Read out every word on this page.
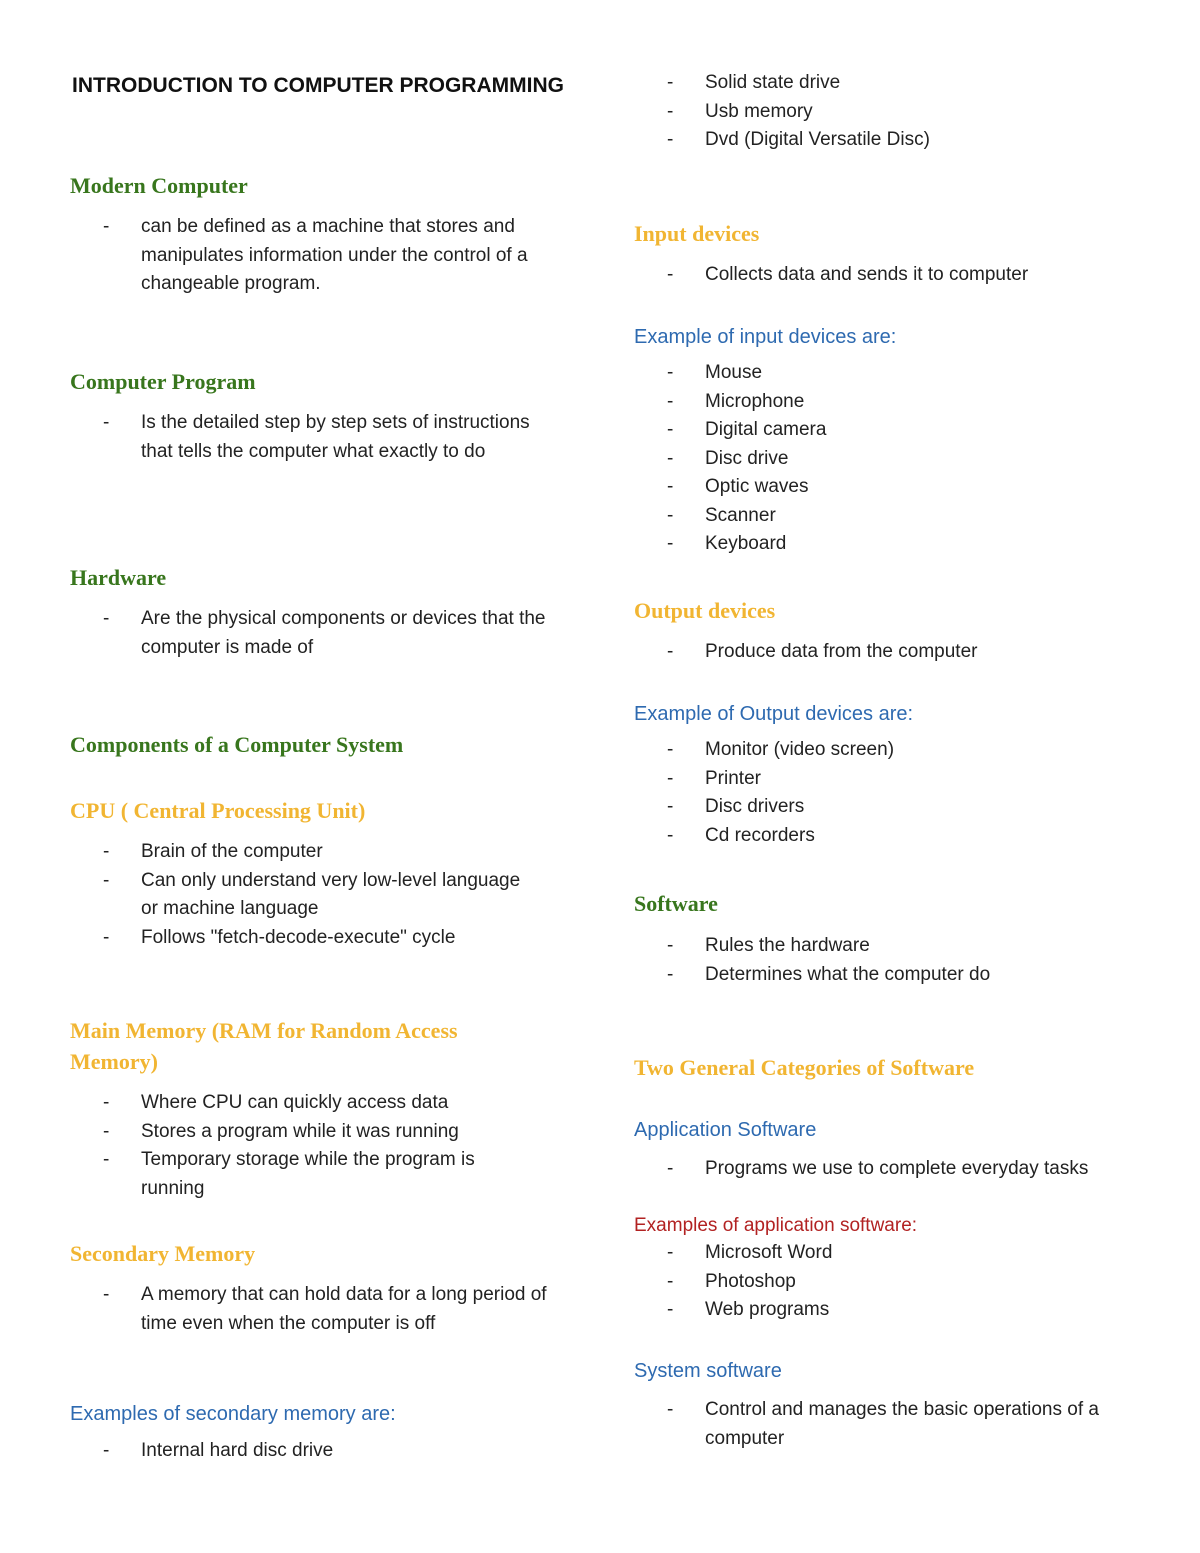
INTRODUCTION TO COMPUTER PROGRAMMING
Modern Computer
- can be defined as a machine that stores and manipulates information under the control of a changeable program.
Computer Program
- Is the detailed step by step sets of instructions that tells the computer what exactly to do
Hardware
- Are the physical components or devices that the computer is made of
Components of a Computer System
CPU ( Central Processing Unit)
- Brain of the computer
- Can only understand very low-level language or machine language
- Follows "fetch-decode-execute" cycle
Main Memory (RAM for Random Access Memory)
- Where CPU can quickly access data
- Stores a program while it was running
- Temporary storage while the program is running
Secondary Memory
- A memory that can hold data for a long period of time even when the computer is off
Examples of secondary memory are:
- Internal hard disc drive
- Solid state drive
- Usb memory
- Dvd (Digital Versatile Disc)
Input devices
- Collects data and sends it to computer
Example of input devices are:
- Mouse
- Microphone
- Digital camera
- Disc drive
- Optic waves
- Scanner
- Keyboard
Output devices
- Produce data from the computer
Example of Output devices are:
- Monitor (video screen)
- Printer
- Disc drivers
- Cd recorders
Software
- Rules the hardware
- Determines what the computer do
Two General Categories of Software
Application Software
- Programs we use to complete everyday tasks
Examples of application software:
- Microsoft Word
- Photoshop
- Web programs
System software
- Control and manages the basic operations of a computer
